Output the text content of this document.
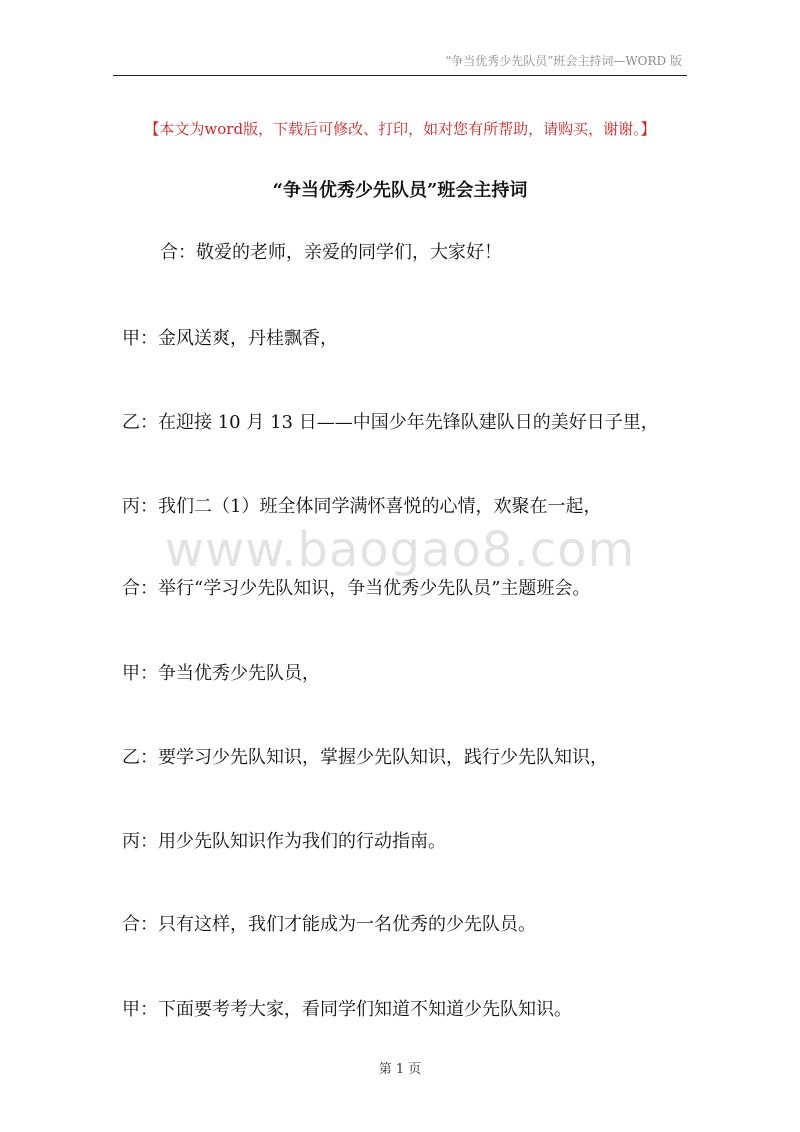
“争当优秀少先队员”班会主持词—WORD 版
【本文为word版，下载后可修改、打印，如对您有所帮助，请购买，谢谢。】
“争当优秀少先队员”班会主持词
合：敬爱的老师，亲爱的同学们，大家好！
甲：金风送爽，丹桂飘香，
乙：在迎接 10 月 13 日——中国少年先锋队建队日的美好日子里，
丙：我们二（1）班全体同学满怀喜悦的心情，欢聚在一起，
www.baogao8.com
合：举行“学习少先队知识，争当优秀少先队员”主题班会。
甲：争当优秀少先队员，
乙：要学习少先队知识，掌握少先队知识，践行少先队知识，
丙：用少先队知识作为我们的行动指南。
合：只有这样，我们才能成为一名优秀的少先队员。
甲：下面要考考大家，看同学们知道不知道少先队知识。
第 1 页
